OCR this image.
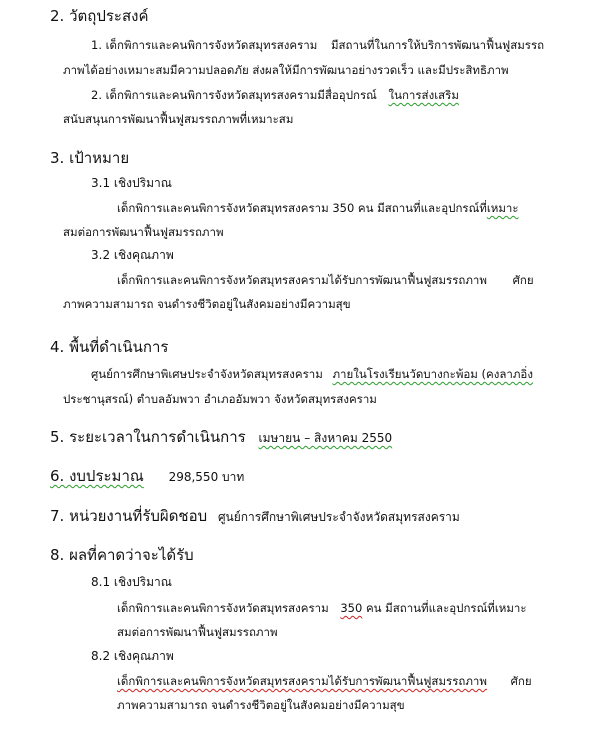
2. วัตถุประสงค์
1. เด็กพิการและคนพิการจังหวัดสมุทรสงคราม มีสถานที่ในการให้บริการพัฒนาฟื้นฟูสมรรถ
ภาพได้อย่างเหมาะสมมีความปลอดภัย ส่งผลให้มีการพัฒนาอย่างรวดเร็ว และมีประสิทธิภาพ
2. เด็กพิการและคนพิการจังหวัดสมุทรสงครามมีสื่ออุปกรณ์ ในการส่งเสริม
สนับสนุนการพัฒนาฟื้นฟูสมรรถภาพที่เหมาะสม
3. เป้าหมาย
3.1 เชิงปริมาณ
เด็กพิการและคนพิการจังหวัดสมุทรสงคราม 350 คน มีสถานที่และอุปกรณ์ที่เหมาะ
สมต่อการพัฒนาฟื้นฟูสมรรถภาพ
3.2 เชิงคุณภาพ
เด็กพิการและคนพิการจังหวัดสมุทรสงครามได้รับการพัฒนาฟื้นฟูสมรรถภาพ ศักย
ภาพความสามารถ จนดำรงชีวิตอยู่ในสังคมอย่างมีความสุข
4. พื้นที่ดำเนินการ
ศูนย์การศึกษาพิเศษประจำจังหวัดสมุทรสงคราม ภายในโรงเรียนวัดบางกะพ้อม (คงลาภอิ่ง
ประชานุสรณ์) ตำบลอัมพวา อำเภออัมพวา จังหวัดสมุทรสงคราม
5. ระยะเวลาในการดำเนินการ เมษายน – สิงหาคม 2550
6. งบประมาณ 298,550 บาท
7. หน่วยงานที่รับผิดชอบ ศูนย์การศึกษาพิเศษประจำจังหวัดสมุทรสงคราม
8. ผลที่คาดว่าจะได้รับ
8.1 เชิงปริมาณ
เด็กพิการและคนพิการจังหวัดสมุทรสงคราม 350 คน มีสถานที่และอุปกรณ์ที่เหมาะ
สมต่อการพัฒนาฟื้นฟูสมรรถภาพ
8.2 เชิงคุณภาพ
เด็กพิการและคนพิการจังหวัดสมุทรสงครามได้รับการพัฒนาฟื้นฟูสมรรถภาพ ศักย
ภาพความสามารถ จนดำรงชีวิตอยู่ในสังคมอย่างมีความสุข
